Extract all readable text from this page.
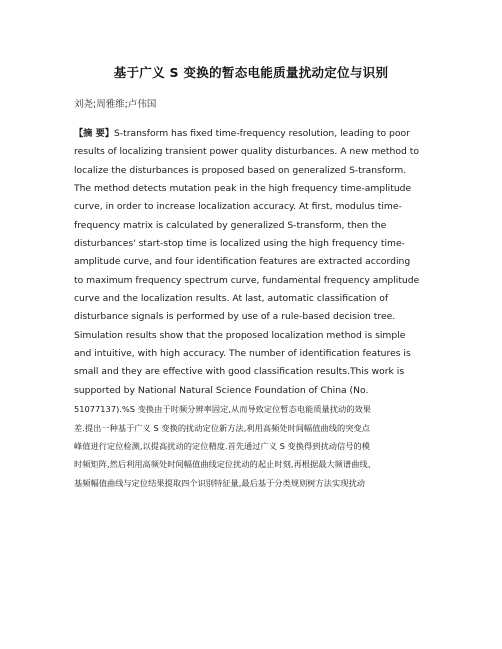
基于广义 S 变换的暂态电能质量扰动定位与识别
刘尧;周雅维;卢伟国
【摘 要】S-transform has fixed time-frequency resolution, leading to poor
results of localizing transient power quality disturbances. A new method to
localize the disturbances is proposed based on generalized S-transform.
The method detects mutation peak in the high frequency time-amplitude
curve, in order to increase localization accuracy. At first, modulus time-
frequency matrix is calculated by generalized S-transform, then the
disturbances' start-stop time is localized using the high frequency time-
amplitude curve, and four identification features are extracted according
to maximum frequency spectrum curve, fundamental frequency amplitude
curve and the localization results. At last, automatic classification of
disturbance signals is performed by use of a rule-based decision tree.
Simulation results show that the proposed localization method is simple
and intuitive, with high accuracy. The number of identification features is
small and they are effective with good classification results.This work is
supported by National Natural Science Foundation of China (No.
51077137).%S 变换由于时频分辨率固定,从而导致定位暂态电能质量扰动的效果
差.提出一种基于广义 S 变换的扰动定位新方法,利用高频处时间幅值曲线的突变点
峰值进行定位检测,以提高扰动的定位精度.首先通过广义 S 变换得到扰动信号的模
时频矩阵,然后利用高频处时间幅值曲线定位扰动的起止时刻,再根据最大频谱曲线、
基频幅值曲线与定位结果提取四个识别特征量,最后基于分类规则树方法实现扰动
